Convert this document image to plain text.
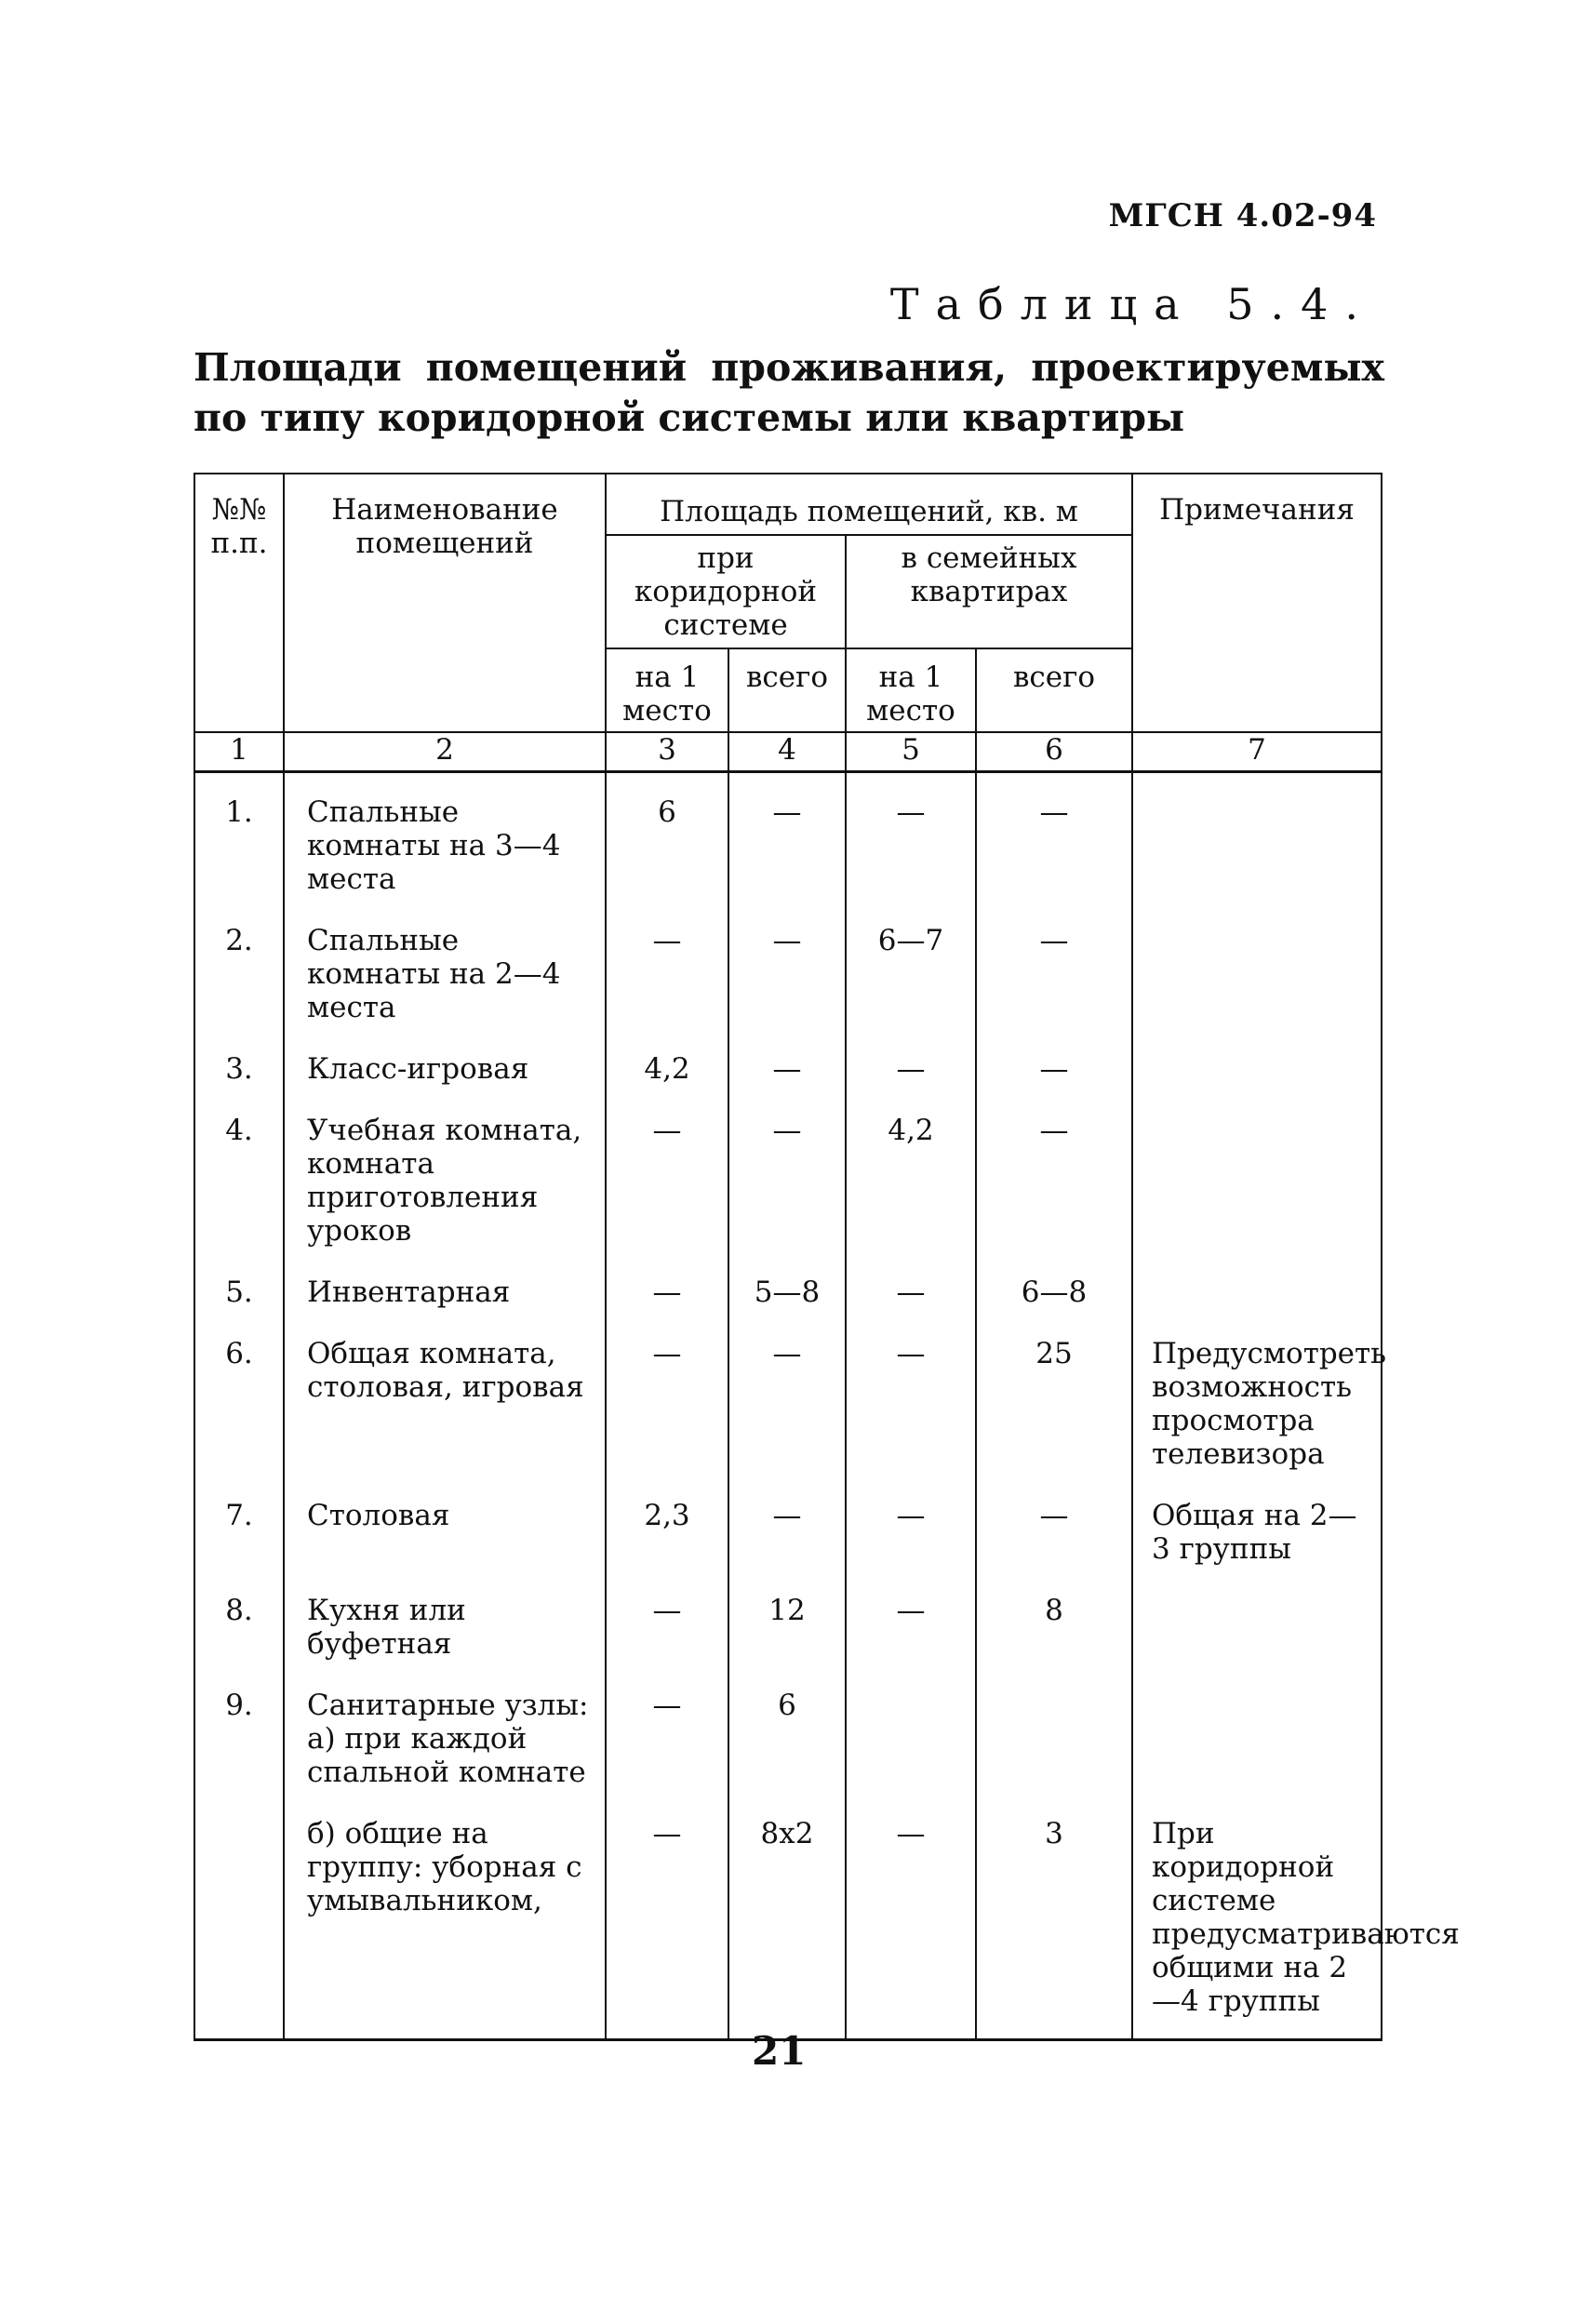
МГСН 4.02-94
Таблица 5.4.
Площади помещений проживания, проектируемых по типу коридорной системы или квартиры
№№ п.п.	Наименование помещений	Площадь помещений, кв. м				Примечания
		при коридорной системе		в семейных квартирах		
		на 1 место	всего	на 1 место	всего	
1	2	3	4	5	6	7
1.	Спальные комнаты на 3—4 места	6	—	—	—	
2.	Спальные комнаты на 2—4 места	—	—	6—7	—	
3.	Класс-игровая	4,2	—	—	—	
4.	Учебная комната, комната приготовления уроков	—	—	4,2	—	
5.	Инвентарная	—	5—8	—	6—8	
6.	Общая комната, столовая, игровая	—	—	—	25	Предусмотреть возможность просмотра телевизора
7.	Столовая	2,3	—	—	—	Общая на 2—3 группы
8.	Кухня или буфетная	—	12	—	8	
9.	Санитарные узлы: а) при каждой спальной комнате	—	6			
	б) общие на группу: уборная с умывальником,	—	8х2	—	3	При коридорной системе предусматриваются общими на 2—4 группы
21
